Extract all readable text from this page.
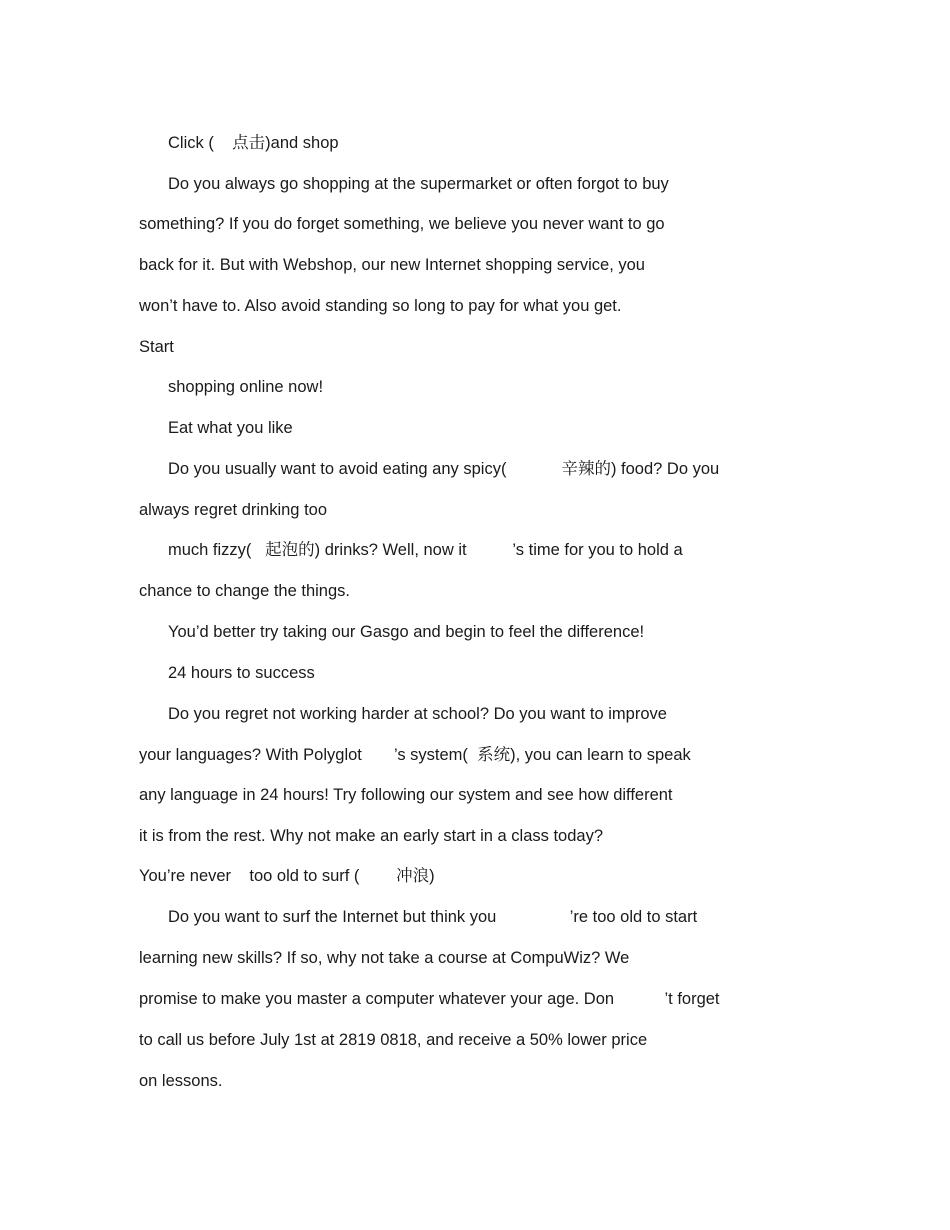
Click (    点击)and shop

Do you always go shopping at the supermarket or often forgot to buy

something? If you do forget something, we believe you never want to go

back for it. But with Webshop, our new Internet shopping service, you

won’t have to. Also avoid standing so long to pay for what you get.

Start

shopping online now!

Eat what you like

Do you usually want to avoid eating any spicy(            辛辣的) food? Do you

always regret drinking too

much fizzy(   起泡的) drinks? Well, now it          ’s time for you to hold a

chance to change the things.

You’d better try taking our Gasgo and begin to feel the difference!

24 hours to success

Do you regret not working harder at school? Do you want to improve

your languages? With Polyglot       ’s system(  系统), you can learn to speak

any language in 24 hours! Try following our system and see how different

it is from the rest. Why not make an early start in a class today?

You’re never    too old to surf (        冲浪)

Do you want to surf the Internet but think you                ’re too old to start

learning new skills? If so, why not take a course at CompuWiz? We

promise to make you master a computer whatever your age. Don           ’t forget

to call us before July 1st at 2819 0818, and receive a 50% lower price

on lessons.
